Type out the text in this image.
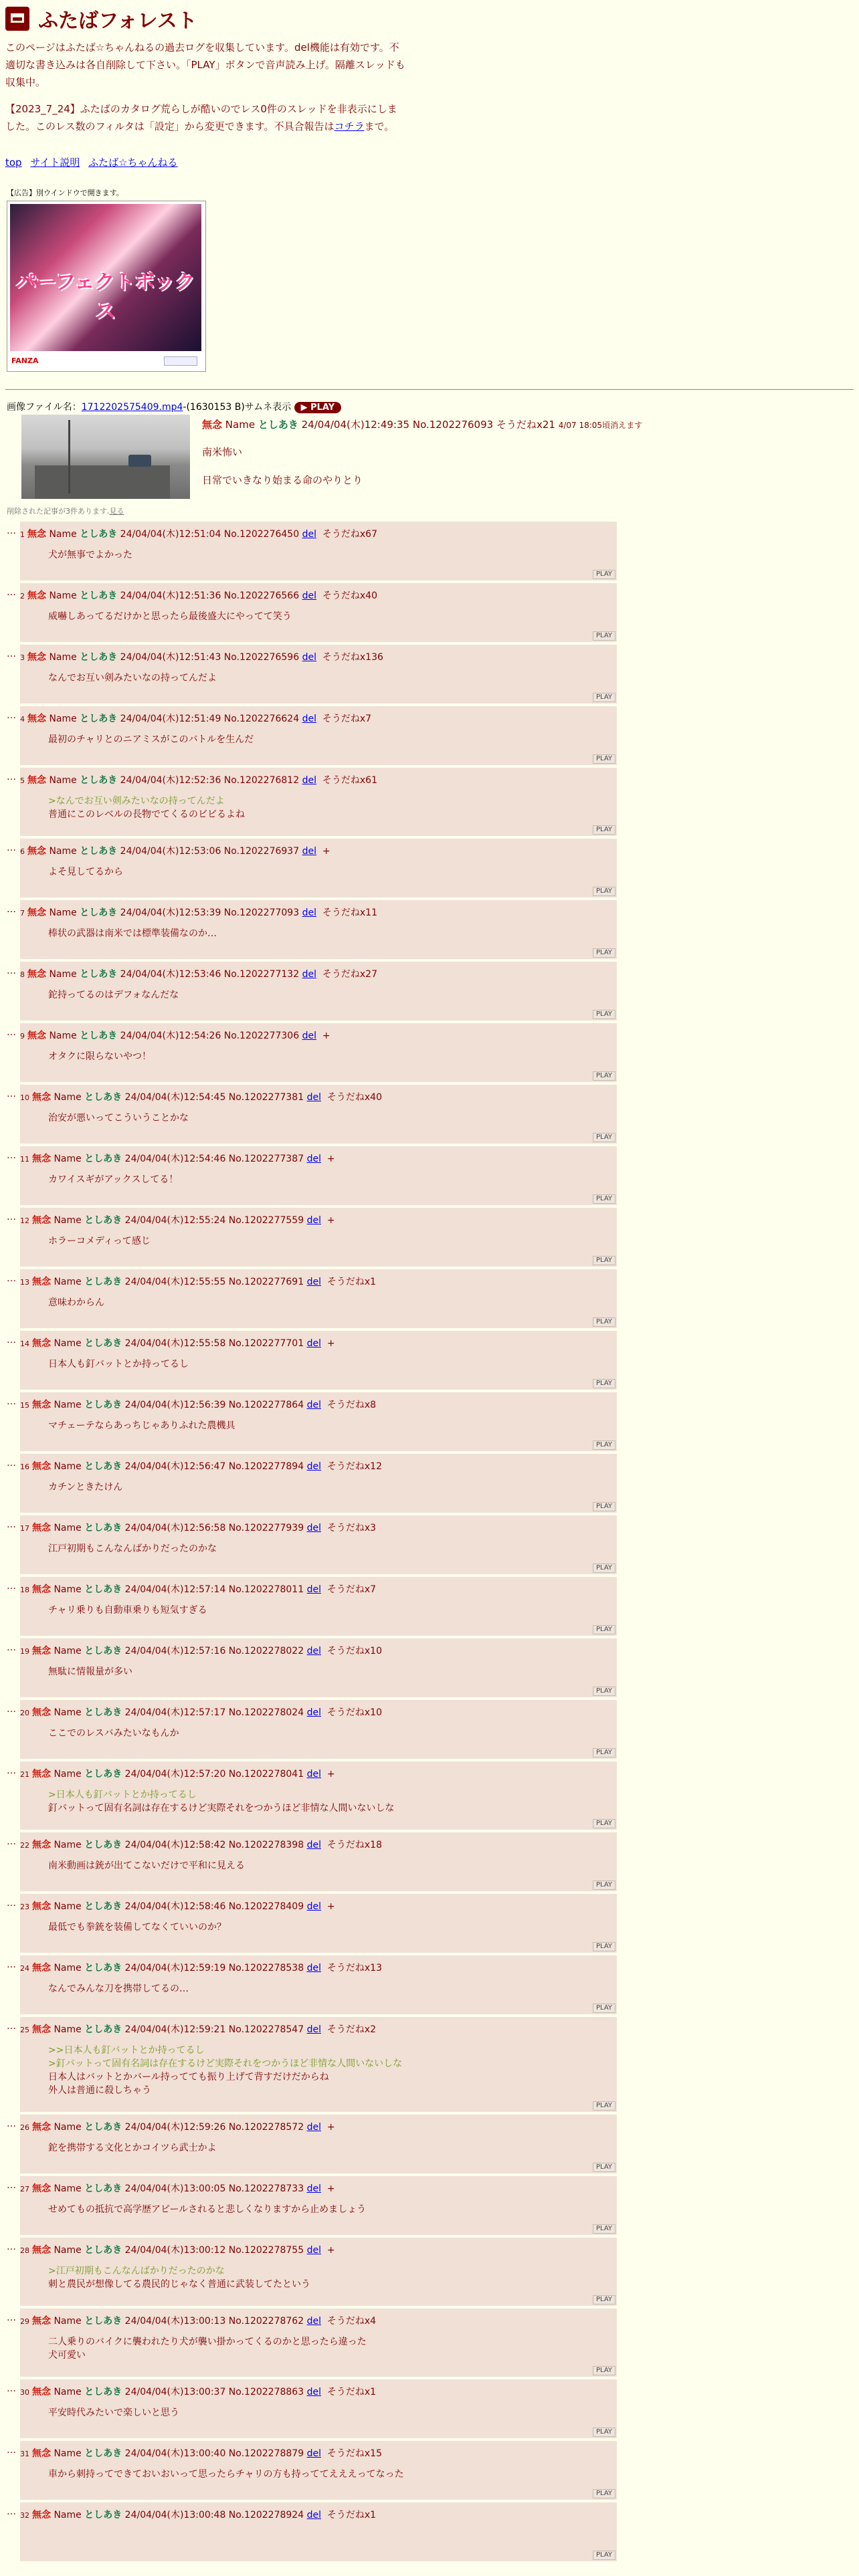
ふたばフォレスト

このページはふたば☆ちゃんねるの過去ログを収集しています。del機能は有効です。不適切な書き込みは各自削除して下さい。「PLAY」ボタンで音声読み上げ。隔離スレッドも収集中。

【2023_7_24】ふたばのカタログ荒らしが酷いのでレス0件のスレッドを非表示にしました。このレス数のフィルタは「設定」から変更できます。不具合報告はコチラまで。

top サイト説明 ふたば☆ちゃんねる
【広告】別ウインドウで開きます。
パーフェクトボックス
FANZA
画像ファイル名：1712202575409.mp4-(1630153 B)サムネ表示 ▶ PLAY
無念 Name としあき 24/04/04(木)12:49:35 No.1202276093 そうだねx21 4/07 18:05頃消えます
南米怖い
日常でいきなり始まる命のやりとり
削除された記事が3件あります.見る
… 1 無念 Name としあき 24/04/04(木)12:51:04 No.1202276450 del そうだねx67
犬が無事でよかった
PLAY
… 2 無念 Name としあき 24/04/04(木)12:51:36 No.1202276566 del そうだねx40
威嚇しあってるだけかと思ったら最後盛大にやってて笑う
PLAY
… 3 無念 Name としあき 24/04/04(木)12:51:43 No.1202276596 del そうだねx136
なんでお互い剣みたいなの持ってんだよ
PLAY
… 4 無念 Name としあき 24/04/04(木)12:51:49 No.1202276624 del そうだねx7
最初のチャリとのニアミスがこのバトルを生んだ
PLAY
… 5 無念 Name としあき 24/04/04(木)12:52:36 No.1202276812 del そうだねx61
>なんでお互い剣みたいなの持ってんだよ
普通にこのレベルの長物でてくるのビビるよね
PLAY
… 6 無念 Name としあき 24/04/04(木)12:53:06 No.1202276937 del +
よそ見してるから
PLAY
… 7 無念 Name としあき 24/04/04(木)12:53:39 No.1202277093 del そうだねx11
棒状の武器は南米では標準装備なのか…
PLAY
… 8 無念 Name としあき 24/04/04(木)12:53:46 No.1202277132 del そうだねx27
鉈持ってるのはデフォなんだな
PLAY
… 9 無念 Name としあき 24/04/04(木)12:54:26 No.1202277306 del +
オタクに限らないやつ！
PLAY
… 10 無念 Name としあき 24/04/04(木)12:54:45 No.1202277381 del そうだねx40
治安が悪いってこういうことかな
PLAY
… 11 無念 Name としあき 24/04/04(木)12:54:46 No.1202277387 del +
カワイスギがアックスしてる！
PLAY
… 12 無念 Name としあき 24/04/04(木)12:55:24 No.1202277559 del +
ホラーコメディって感じ
PLAY
… 13 無念 Name としあき 24/04/04(木)12:55:55 No.1202277691 del そうだねx1
意味わからん
PLAY
… 14 無念 Name としあき 24/04/04(木)12:55:58 No.1202277701 del +
日本人も釘バットとか持ってるし
PLAY
… 15 無念 Name としあき 24/04/04(木)12:56:39 No.1202277864 del そうだねx8
マチェーテならあっちじゃありふれた農機具
PLAY
… 16 無念 Name としあき 24/04/04(木)12:56:47 No.1202277894 del そうだねx12
カチンときたけん
PLAY
… 17 無念 Name としあき 24/04/04(木)12:56:58 No.1202277939 del そうだねx3
江戸初期もこんなんばかりだったのかな
PLAY
… 18 無念 Name としあき 24/04/04(木)12:57:14 No.1202278011 del そうだねx7
チャリ乗りも自動車乗りも短気すぎる
PLAY
… 19 無念 Name としあき 24/04/04(木)12:57:16 No.1202278022 del そうだねx10
無駄に情報量が多い
PLAY
… 20 無念 Name としあき 24/04/04(木)12:57:17 No.1202278024 del そうだねx10
ここでのレスバみたいなもんか
PLAY
… 21 無念 Name としあき 24/04/04(木)12:57:20 No.1202278041 del +
>日本人も釘バットとか持ってるし
釘バットって固有名詞は存在するけど実際それをつかうほど非情な人間いないしな
PLAY
… 22 無念 Name としあき 24/04/04(木)12:58:42 No.1202278398 del そうだねx18
南米動画は銃が出てこないだけで平和に見える
PLAY
… 23 無念 Name としあき 24/04/04(木)12:58:46 No.1202278409 del +
最低でも拳銃を装備してなくていいのか？
PLAY
… 24 無念 Name としあき 24/04/04(木)12:59:19 No.1202278538 del そうだねx13
なんでみんな刀を携帯してるの…
PLAY
… 25 無念 Name としあき 24/04/04(木)12:59:21 No.1202278547 del そうだねx2
>>日本人も釘バットとか持ってるし
>釘バットって固有名詞は存在するけど実際それをつかうほど非情な人間いないしな
日本人はバットとかバール持ってても振り上げて背すだけだからね
外人は普通に殺しちゃう
PLAY
… 26 無念 Name としあき 24/04/04(木)12:59:26 No.1202278572 del +
鉈を携帯する文化とかコイツら武士かよ
PLAY
… 27 無念 Name としあき 24/04/04(木)13:00:05 No.1202278733 del +
せめてもの抵抗で高学歴アピールされると悲しくなりますから止めましょう
PLAY
… 28 無念 Name としあき 24/04/04(木)13:00:12 No.1202278755 del +
>江戸初期もこんなんばかりだったのかな
刺と農民が想像してる農民的じゃなく普通に武装してたという
PLAY
… 29 無念 Name としあき 24/04/04(木)13:00:13 No.1202278762 del そうだねx4
二人乗りのバイクに襲われたり犬が襲い掛かってくるのかと思ったら違った
犬可愛い
PLAY
… 30 無念 Name としあき 24/04/04(木)13:00:37 No.1202278863 del そうだねx1
平安時代みたいで楽しいと思う
PLAY
… 31 無念 Name としあき 24/04/04(木)13:00:40 No.1202278879 del そうだねx15
車から刺持ってできておいおいって思ったらチャリの方も持っててえええってなった
PLAY
… 32 無念 Name としあき 24/04/04(木)13:00:48 No.1202278924 del そうだねx1
PLAY
